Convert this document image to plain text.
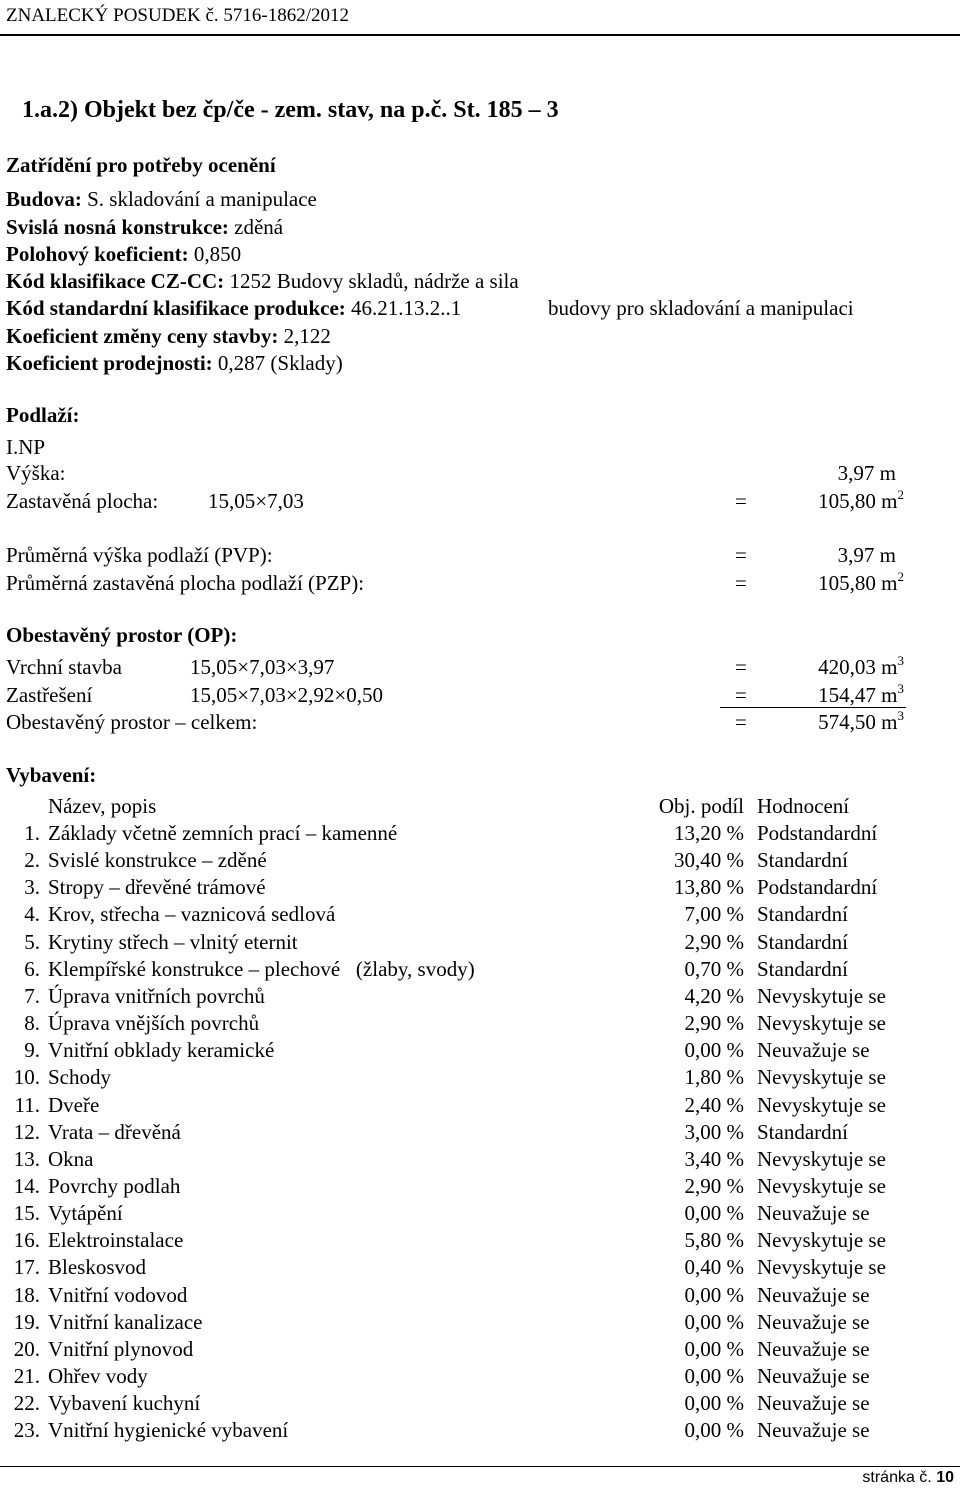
ZNALECKÝ POSUDEK č. 5716-1862/2012
1.a.2) Objekt bez čp/če - zem. stav, na p.č. St. 185 – 3
Zatřídění pro potřeby ocenění
Budova: S. skladování a manipulace
Svislá nosná konstrukce: zděná
Polohový koeficient: 0,850
Kód klasifikace CZ-CC: 1252 Budovy skladů, nádrže a sila
Kód standardní klasifikace produkce: 46.21.13.2..1	budovy pro skladování a manipulaci
Koeficient změny ceny stavby: 2,122
Koeficient prodejnosti: 0,287 (Sklady)
Podlaží:
I.NP
Výška:	3,97 m
Zastavěná plocha: 15,05×7,03	=	105,80 $m^2$
Průměrná výška podlaží (PVP):	=	3,97 m
Průměrná zastavěná plocha podlaží (PZP):	=	105,80 $m^2$
Obestavěný prostor (OP):
Vrchní stavba	15,05×7,03×3,97	=	420,03 $m^3$
Zastřešení	15,05×7,03×2,92×0,50	=	154,47 $m^3$
Obestavěný prostor – celkem:	=	574,50 $m^3$
Vybavení:
Název, popis	Obj. podíl Hodnocení
1. Základy včetně zemních prací – kamenné	13,20 % Podstandardní
2. Svislé konstrukce – zděné	30,40 % Standardní
3. Stropy – dřevěné trámové	13,80 % Podstandardní
4. Krov, střecha – vaznicová sedlová	7,00 % Standardní
5. Krytiny střech – vlnitý eternit	2,90 % Standardní
6. Klempířské konstrukce – plechové   (žlaby, svody)	0,70 % Standardní
7. Úprava vnitřních povrchů	4,20 % Nevyskytuje se
8. Úprava vnějších povrchů	2,90 % Nevyskytuje se
9. Vnitřní obklady keramické	0,00 % Neuvažuje se
10. Schody	1,80 % Nevyskytuje se
11. Dveře	2,40 % Nevyskytuje se
12. Vrata – dřevěná	3,00 % Standardní
13. Okna	3,40 % Nevyskytuje se
14. Povrchy podlah	2,90 % Nevyskytuje se
15. Vytápění	0,00 % Neuvažuje se
16. Elektroinstalace	5,80 % Nevyskytuje se
17. Bleskosvod	0,40 % Nevyskytuje se
18. Vnitřní vodovod	0,00 % Neuvažuje se
19. Vnitřní kanalizace	0,00 % Neuvažuje se
20. Vnitřní plynovod	0,00 % Neuvažuje se
21. Ohřev vody	0,00 % Neuvažuje se
22. Vybavení kuchyní	0,00 % Neuvažuje se
23. Vnitřní hygienické vybavení	0,00 % Neuvažuje se
stránka č. 10
